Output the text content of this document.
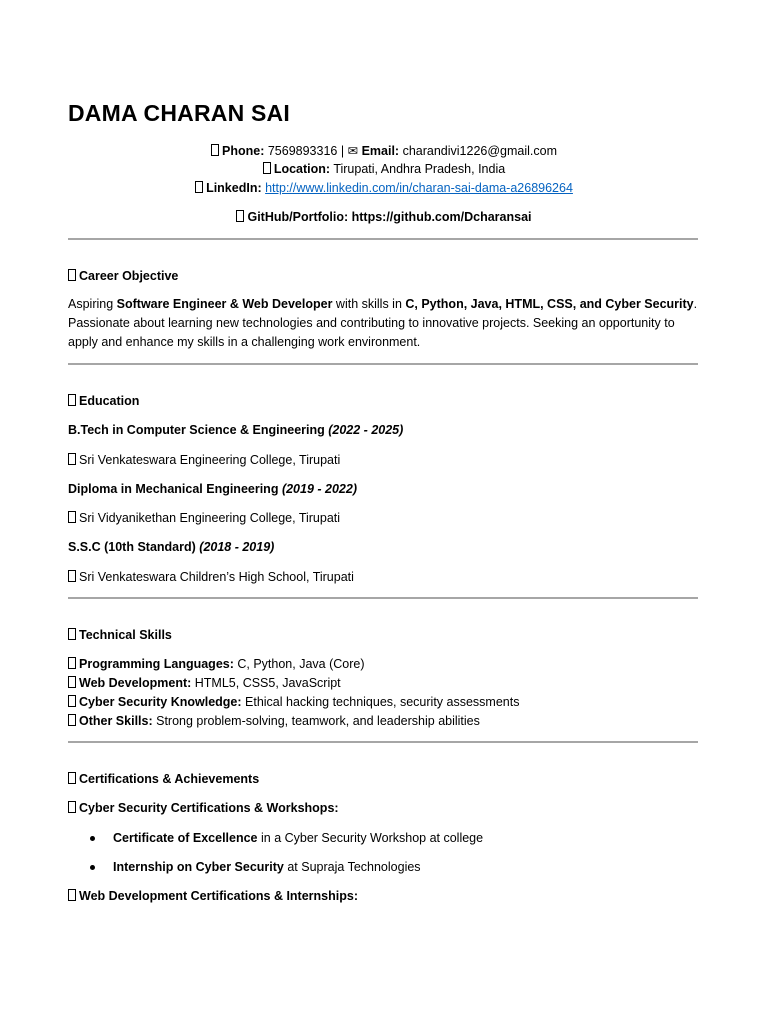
DAMA CHARAN SAI
Phone: 7569893316 | ✉ Email: charandivi1226@gmail.com
Location: Tirupati, Andhra Pradesh, India
LinkedIn: http://www.linkedin.com/in/charan-sai-dama-a26896264
GitHub/Portfolio: https://github.com/Dcharansai
Career Objective
Aspiring Software Engineer & Web Developer with skills in C, Python, Java, HTML, CSS, and Cyber Security.
Passionate about learning new technologies and contributing to innovative projects. Seeking an opportunity to
apply and enhance my skills in a challenging work environment.
Education
B.Tech in Computer Science & Engineering (2022 - 2025)
Sri Venkateswara Engineering College, Tirupati
Diploma in Mechanical Engineering (2019 - 2022)
Sri Vidyanikethan Engineering College, Tirupati
S.S.C (10th Standard) (2018 - 2019)
Sri Venkateswara Children’s High School, Tirupati
Technical Skills
Programming Languages: C, Python, Java (Core)
Web Development: HTML5, CSS5, JavaScript
Cyber Security Knowledge: Ethical hacking techniques, security assessments
Other Skills: Strong problem-solving, teamwork, and leadership abilities
Certifications & Achievements
Cyber Security Certifications & Workshops:
Certificate of Excellence in a Cyber Security Workshop at college
Internship on Cyber Security at Supraja Technologies
Web Development Certifications & Internships:
